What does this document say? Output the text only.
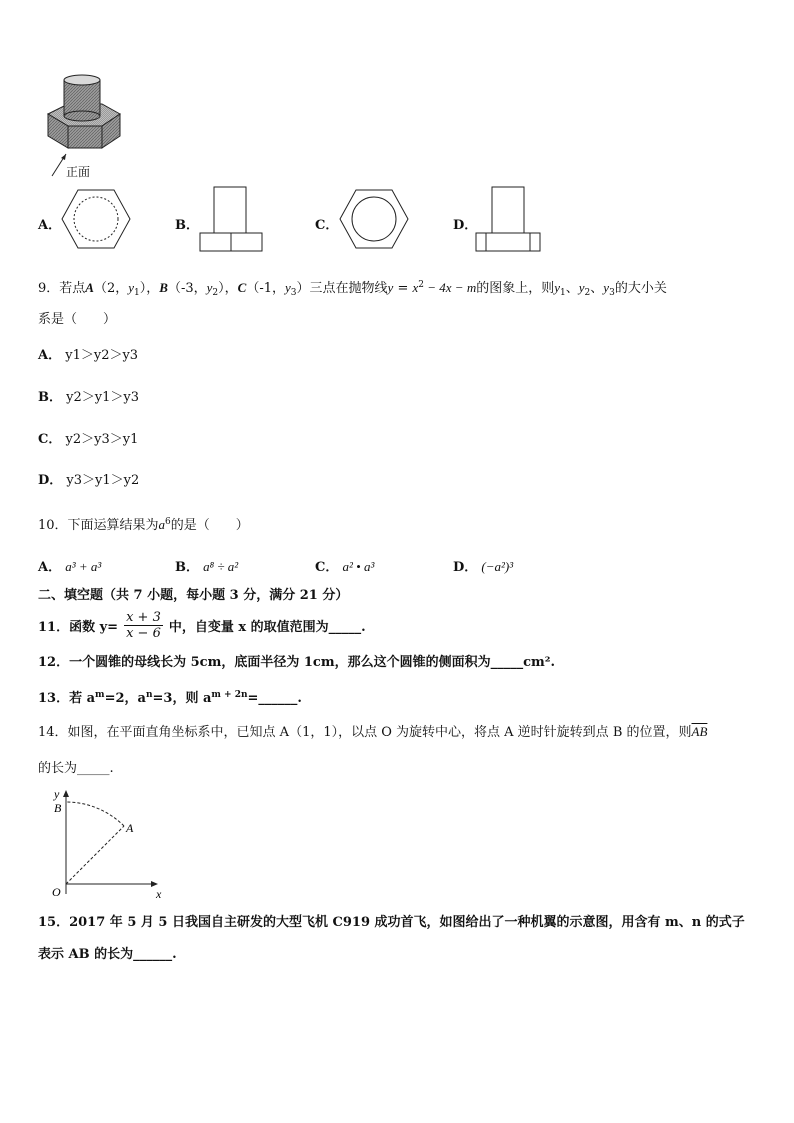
正面
A．	B．	C．	D．
9．若点A（2，$y_1$），B（-3，$y_2$），C（-1，$y_3$）三点在抛物线$y = x^2 - 4x - m$的图象上，则$y_1$、$y_2$、$y_3$的大小关
系是（　　）
A． y1＞y2＞y3
B． y2＞y1＞y3
C． y2＞y3＞y1
D． y3＞y1＞y2
10．下面运算结果为$a^6$的是（　　）
A． a³ + a³	B． a⁸ ÷ a²	C． a² • a³	D． (−a²)³
二、填空题（共 7 小题，每小题 3 分，满分 21 分）
11．函数 $y= \frac{x + 3}{x - 6}$ 中，自变量 x 的取值范围为_____.
12．一个圆锥的母线长为 5cm，底面半径为 1cm，那么这个圆锥的侧面积为_____cm².
13．若 $a^m=2$，$a^n=3$，则 $a^{m + 2n}=\_\_\_\_\_\_$.
14．如图，在平面直角坐标系中，已知点 A（1，1），以点 O 为旋转中心，将点 A 逆时针旋转到点 B 的位置，则$\overline{AB}$
的长为_____.
y
x
O
A
B
15．2017 年 5 月 5 日我国自主研发的大型飞机 C919 成功首飞，如图给出了一种机翼的示意图，用含有 m、n 的式子
表示 AB 的长为______.
